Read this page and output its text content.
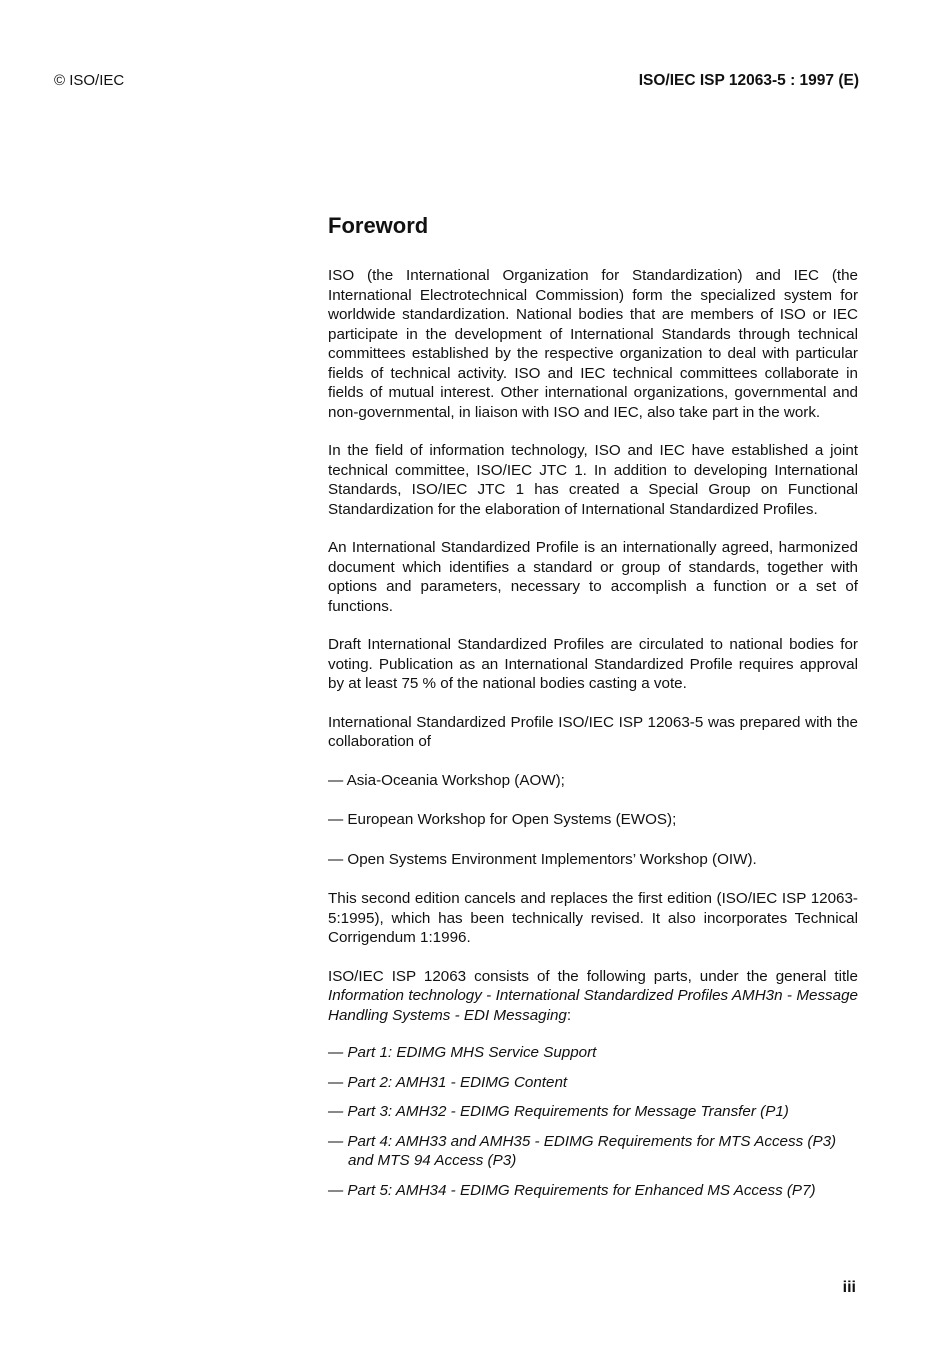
© ISO/IEC	ISO/IEC ISP 12063-5 : 1997 (E)
Foreword

ISO (the International Organization for Standardization) and IEC (the International Electrotechnical Commission) form the specialized system for worldwide standardization. National bodies that are members of ISO or IEC participate in the development of International Standards through technical committees established by the respective organization to deal with particular fields of technical activity. ISO and IEC technical committees collaborate in fields of mutual interest. Other international organizations, governmental and non-governmental, in liaison with ISO and IEC, also take part in the work.

In the field of information technology, ISO and IEC have established a joint technical committee, ISO/IEC JTC 1. In addition to developing International Standards, ISO/IEC JTC 1 has created a Special Group on Functional Standardization for the elaboration of International Standardized Profiles.

An International Standardized Profile is an internationally agreed, harmonized document which identifies a standard or group of standards, together with options and parameters, necessary to accomplish a function or a set of functions.

Draft International Standardized Profiles are circulated to national bodies for voting. Publication as an International Standardized Profile requires approval by at least 75 % of the national bodies casting a vote.

International Standardized Profile ISO/IEC ISP 12063-5 was prepared with the collaboration of

— Asia-Oceania Workshop (AOW);
— European Workshop for Open Systems (EWOS);
— Open Systems Environment Implementors’ Workshop (OIW).

This second edition cancels and replaces the first edition (ISO/IEC ISP 12063-5:1995), which has been technically revised. It also incorporates Technical Corrigendum 1:1996.

ISO/IEC ISP 12063 consists of the following parts, under the general title Information technology - International Standardized Profiles AMH3n - Message Handling Systems - EDI Messaging:

— Part 1: EDIMG MHS Service Support
— Part 2: AMH31 - EDIMG Content
— Part 3: AMH32 - EDIMG Requirements for Message Transfer (P1)
— Part 4: AMH33 and AMH35 - EDIMG Requirements for MTS Access (P3) and MTS 94 Access (P3)
— Part 5: AMH34 - EDIMG Requirements for Enhanced MS Access (P7)
iii
